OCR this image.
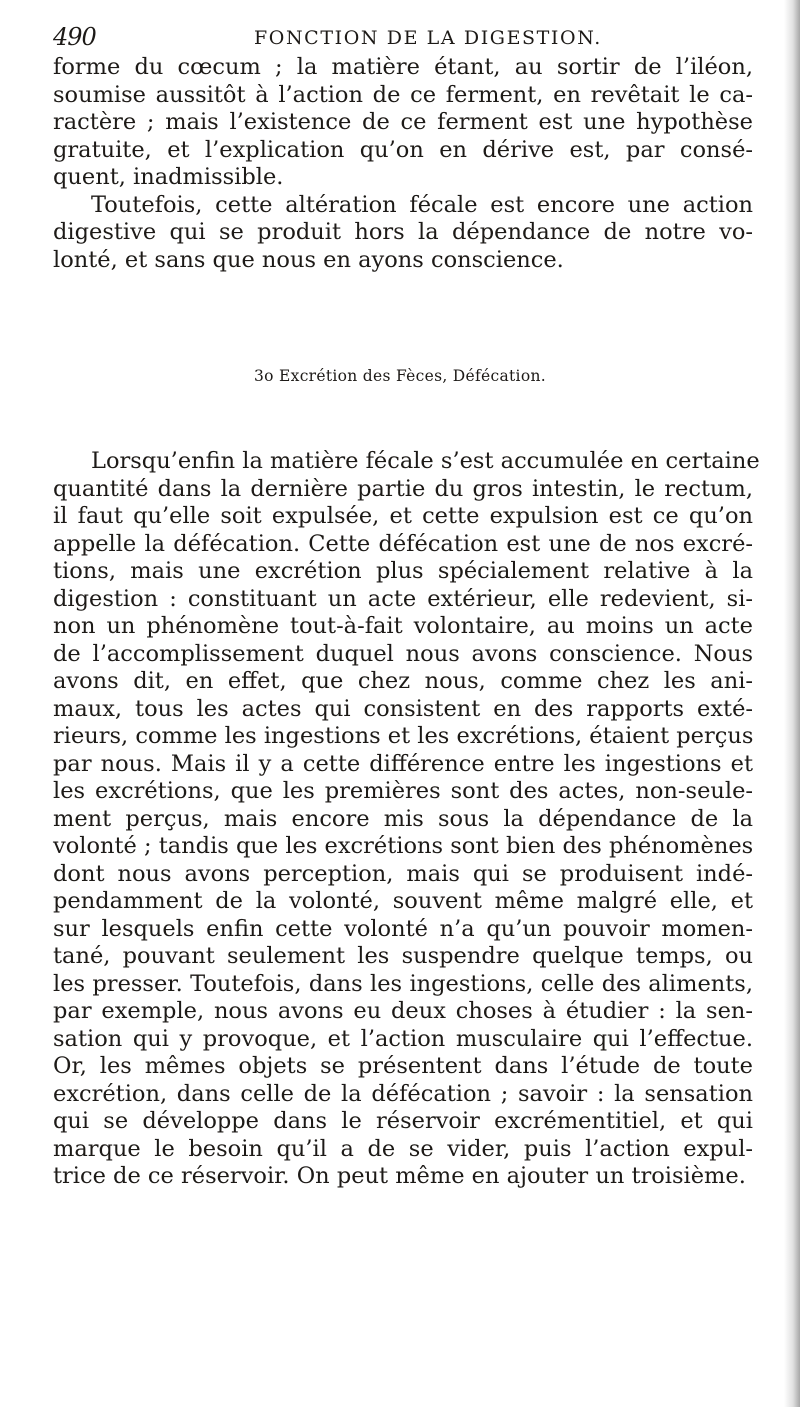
490	FONCTION DE LA DIGESTION.
forme du cœcum ; la matière étant, au sortir de l’iléon,
soumise aussitôt à l’action de ce ferment, en revêtait le ca-
ractère ; mais l’existence de ce ferment est une hypothèse
gratuite, et l’explication qu’on en dérive est, par consé-
quent, inadmissible.
Toutefois, cette altération fécale est encore une action
digestive qui se produit hors la dépendance de notre vo-
lonté, et sans que nous en ayons conscience.
3o Excrétion des Fèces, Défécation.
Lorsqu’enfin la matière fécale s’est accumulée en certaine
quantité dans la dernière partie du gros intestin, le rectum,
il faut qu’elle soit expulsée, et cette expulsion est ce qu’on
appelle la défécation. Cette défécation est une de nos excré-
tions, mais une excrétion plus spécialement relative à la
digestion : constituant un acte extérieur, elle redevient, si-
non un phénomène tout-à-fait volontaire, au moins un acte
de l’accomplissement duquel nous avons conscience. Nous
avons dit, en effet, que chez nous, comme chez les ani-
maux, tous les actes qui consistent en des rapports exté-
rieurs, comme les ingestions et les excrétions, étaient perçus
par nous. Mais il y a cette différence entre les ingestions et
les excrétions, que les premières sont des actes, non-seule-
ment perçus, mais encore mis sous la dépendance de la
volonté ; tandis que les excrétions sont bien des phénomènes
dont nous avons perception, mais qui se produisent indé-
pendamment de la volonté, souvent même malgré elle, et
sur lesquels enfin cette volonté n’a qu’un pouvoir momen-
tané, pouvant seulement les suspendre quelque temps, ou
les presser. Toutefois, dans les ingestions, celle des aliments,
par exemple, nous avons eu deux choses à étudier : la sen-
sation qui y provoque, et l’action musculaire qui l’effectue.
Or, les mêmes objets se présentent dans l’étude de toute
excrétion, dans celle de la défécation ; savoir : la sensation
qui se développe dans le réservoir excrémentitiel, et qui
marque le besoin qu’il a de se vider, puis l’action expul-
trice de ce réservoir. On peut même en ajouter un troisième.
